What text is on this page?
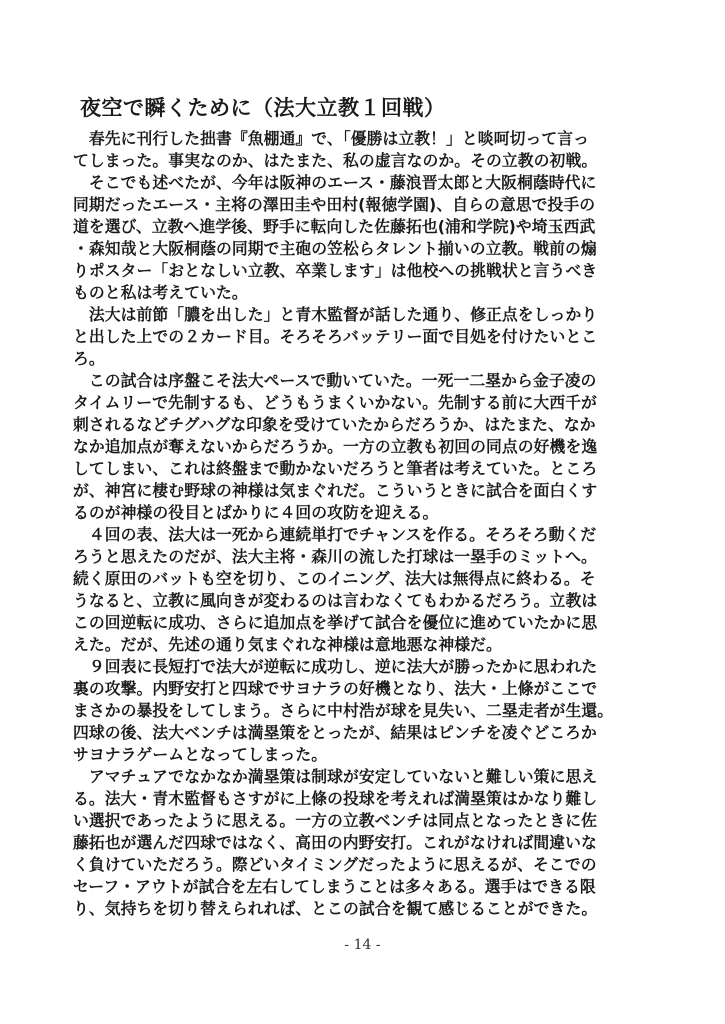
夜空で瞬くために（法大立教１回戦）
　春先に刊行した拙書『魚棚通』で、「優勝は立教！」と啖呵切って言っ
てしまった。事実なのか、はたまた、私の虚言なのか。その立教の初戦。
　そこでも述べたが、今年は阪神のエース・藤浪晋太郎と大阪桐蔭時代に
同期だったエース・主将の澤田圭や田村(報徳学園)、自らの意思で投手の
道を選び、立教へ進学後、野手に転向した佐藤拓也(浦和学院)や埼玉西武
・森知哉と大阪桐蔭の同期で主砲の笠松らタレント揃いの立教。戦前の煽
りポスター「おとなしい立教、卒業します」は他校への挑戦状と言うべき
ものと私は考えていた。
　法大は前節「膿を出した」と青木監督が話した通り、修正点をしっかり
と出した上での２カード目。そろそろバッテリー面で目処を付けたいとこ
ろ。
　この試合は序盤こそ法大ペースで動いていた。一死一二塁から金子凌の
タイムリーで先制するも、どうもうまくいかない。先制する前に大西千が
刺されるなどチグハグな印象を受けていたからだろうか、はたまた、なか
なか追加点が奪えないからだろうか。一方の立教も初回の同点の好機を逸
してしまい、これは終盤まで動かないだろうと筆者は考えていた。ところ
が、神宮に棲む野球の神様は気まぐれだ。こういうときに試合を面白くす
るのが神様の役目とばかりに４回の攻防を迎える。
　４回の表、法大は一死から連続単打でチャンスを作る。そろそろ動くだ
ろうと思えたのだが、法大主将・森川の流した打球は一塁手のミットへ。
続く原田のバットも空を切り、このイニング、法大は無得点に終わる。そ
うなると、立教に風向きが変わるのは言わなくてもわかるだろう。立教は
この回逆転に成功、さらに追加点を挙げて試合を優位に進めていたかに思
えた。だが、先述の通り気まぐれな神様は意地悪な神様だ。
　９回表に長短打で法大が逆転に成功し、逆に法大が勝ったかに思われた
裏の攻撃。内野安打と四球でサヨナラの好機となり、法大・上條がここで
まさかの暴投をしてしまう。さらに中村浩が球を見失い、二塁走者が生還。
四球の後、法大ベンチは満塁策をとったが、結果はピンチを凌ぐどころか
サヨナラゲームとなってしまった。
　アマチュアでなかなか満塁策は制球が安定していないと難しい策に思え
る。法大・青木監督もさすがに上條の投球を考えれば満塁策はかなり難し
い選択であったように思える。一方の立教ベンチは同点となったときに佐
藤拓也が選んだ四球ではなく、高田の内野安打。これがなければ間違いな
く負けていただろう。際どいタイミングだったように思えるが、そこでの
セーフ・アウトが試合を左右してしまうことは多々ある。選手はできる限
り、気持ちを切り替えられれば、とこの試合を観て感じることができた。
- 14 -
